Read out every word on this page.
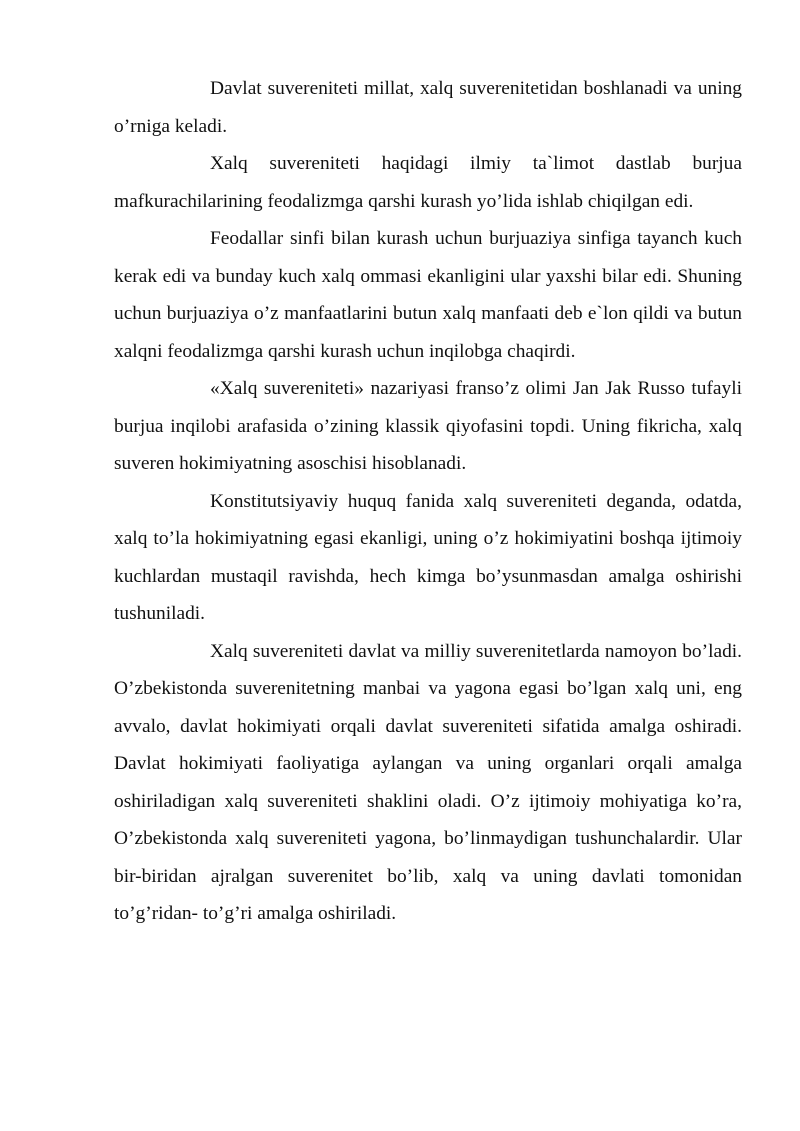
Davlat suvereniteti millat, xalq suverenitetidan boshlanadi va uning o’rniga keladi.

Xalq suvereniteti haqidagi ilmiy ta`limot dastlab burjua mafkurachilarining feodalizmga qarshi kurash yo’lida ishlab chiqilgan edi.

Feodallar sinfi bilan kurash uchun burjuaziya sinfiga tayanch kuch kerak edi va bunday kuch xalq ommasi ekanligini ular yaxshi bilar edi. Shuning uchun burjuaziya o’z manfaatlarini butun xalq manfaati deb e`lon qildi va butun xalqni feodalizmga qarshi kurash uchun inqilobga chaqirdi.

«Xalq suvereniteti» nazariyasi franso’z olimi Jan Jak Russo tufayli burjua inqilobi arafasida o’zining klassik qiyofasini topdi. Uning fikricha, xalq suveren hokimiyatning asoschisi hisoblanadi.

Konstitutsiyaviy huquq fanida xalq suvereniteti deganda, odatda, xalq to’la hokimiyatning egasi ekanligi, uning o’z hokimiyatini boshqa ijtimoiy kuchlardan mustaqil ravishda, hech kimga bo’ysunmasdan amalga oshirishi tushuniladi.

Xalq suvereniteti davlat va milliy suverenitetlarda namoyon bo’ladi. O’zbekistonda suverenitetning manbai va yagona egasi bo’lgan xalq uni, eng avvalo, davlat hokimiyati orqali davlat suvereniteti sifatida amalga oshiradi. Davlat hokimiyati faoliyatiga aylangan va uning organlari orqali amalga oshiriladigan xalq suvereniteti shaklini oladi. O’z ijtimoiy mohiyatiga ko’ra, O’zbekistonda xalq suvereniteti yagona, bo’linmaydigan tushunchalardir. Ular bir-biridan ajralgan suverenitet bo’lib, xalq va uning davlati tomonidan to’g’ridan- to’g’ri amalga oshiriladi.
